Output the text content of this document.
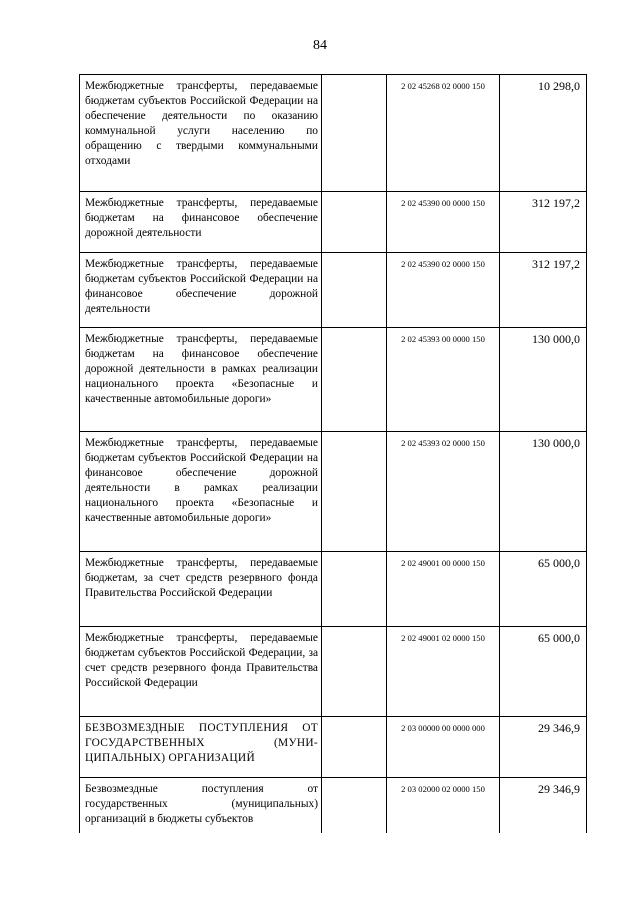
84
Межбюджетные трансферты, передаваемые бюджетам субъектов Российской Федерации на обеспечение деятельности по оказанию коммунальной услуги населению по обращению с твердыми коммунальными отходами		2 02 45268 02 0000 150	10 298,0
Межбюджетные трансферты, передаваемые бюджетам на финансовое обеспечение дорожной деятельности		2 02 45390 00 0000 150	312 197,2
Межбюджетные трансферты, передаваемые бюджетам субъектов Российской Федерации на финансовое обеспечение дорожной деятельности		2 02 45390 02 0000 150	312 197,2
Межбюджетные трансферты, передаваемые бюджетам на финансовое обеспечение дорожной деятельности в рамках реализации национального проекта «Безопасные и качественные автомобильные дороги»		2 02 45393 00 0000 150	130 000,0
Межбюджетные трансферты, передаваемые бюджетам субъектов Российской Федерации на финансовое обеспечение дорожной деятельности в рамках реализации национального проекта «Безопасные и качественные автомобильные дороги»		2 02 45393 02 0000 150	130 000,0
Межбюджетные трансферты, передаваемые бюджетам, за счет средств резервного фонда Правительства Российской Федерации		2 02 49001 00 0000 150	65 000,0
Межбюджетные трансферты, передаваемые бюджетам субъектов Российской Федерации, за счет средств резервного фонда Правительства Российской Федерации		2 02 49001 02 0000 150	65 000,0
БЕЗВОЗМЕЗДНЫЕ ПОСТУПЛЕНИЯ ОТ ГОСУДАРСТВЕННЫХ (МУНИ-ЦИПАЛЬНЫХ) ОРГАНИЗАЦИЙ		2 03 00000 00 0000 000	29 346,9
Безвозмездные поступления от государственных (муниципальных) организаций в бюджеты субъектов		2 03 02000 02 0000 150	29 346,9
